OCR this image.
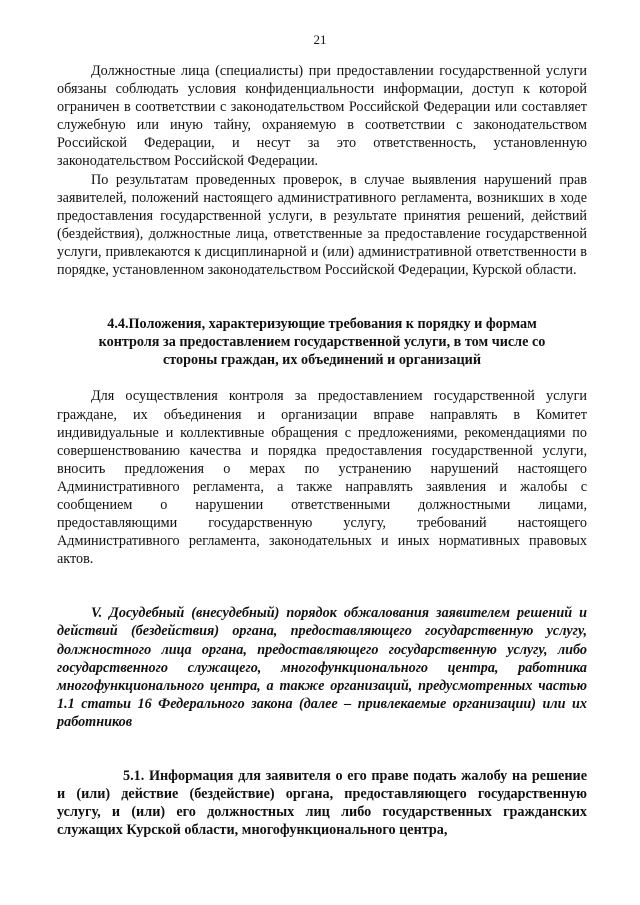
21

Должностные лица (специалисты) при предоставлении государственной услуги обязаны соблюдать условия конфиденциальности информации, доступ к которой ограничен в соответствии с законодательством Российской Федерации или составляет служебную или иную тайну, охраняемую в соответствии с законодательством Российской Федерации, и несут за это ответственность, установленную законодательством Российской Федерации.

По результатам проведенных проверок, в случае выявления нарушений прав заявителей, положений настоящего административного регламента, возникших в ходе предоставления государственной услуги, в результате принятия решений, действий (бездействия), должностные лица, ответственные за предоставление государственной услуги, привлекаются к дисциплинарной и (или) административной ответственности в порядке, установленном законодательством Российской Федерации, Курской области.

4.4.Положения, характеризующие требования к порядку и формам контроля за предоставлением государственной услуги, в том числе со стороны граждан, их объединений и организаций

Для осуществления контроля за предоставлением государственной услуги граждане, их объединения и организации вправе направлять в Комитет индивидуальные и коллективные обращения с предложениями, рекомендациями по совершенствованию качества и порядка предоставления государственной услуги, вносить предложения о мерах по устранению нарушений настоящего Административного регламента, а также направлять заявления и жалобы с сообщением о нарушении ответственными должностными лицами, предоставляющими государственную услугу, требований настоящего Административного регламента, законодательных и иных нормативных правовых актов.

V. Досудебный (внесудебный) порядок обжалования заявителем решений и действий (бездействия) органа, предоставляющего государственную услугу, должностного лица органа, предоставляющего государственную услугу, либо государственного служащего, многофункционального центра, работника многофункционального центра, а также организаций, предусмотренных частью 1.1 статьи 16 Федерального закона (далее – привлекаемые организации) или их работников

5.1. Информация для заявителя о его праве подать жалобу на решение и (или) действие (бездействие) органа, предоставляющего государственную услугу, и (или) его должностных лиц либо государственных гражданских служащих Курской области, многофункционального центра,
